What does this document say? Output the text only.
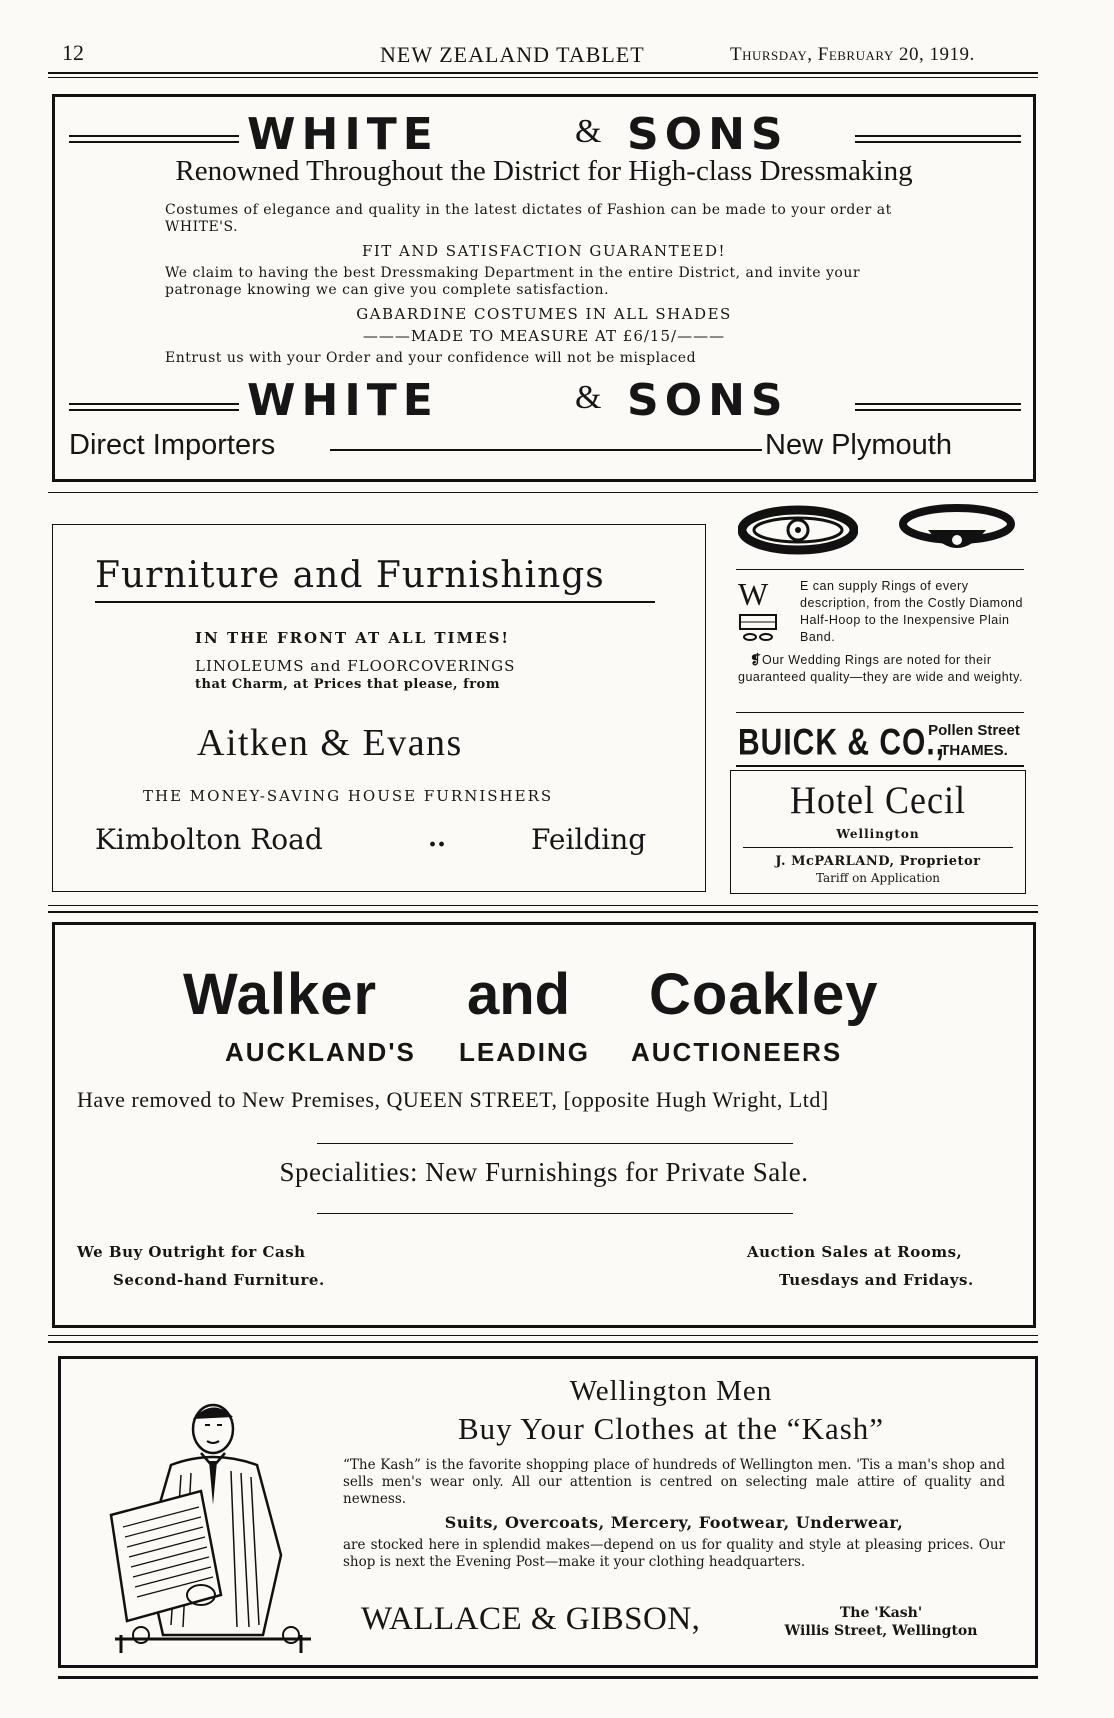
12	NEW ZEALAND TABLET	Thursday, February 20, 1919.
WHITE	& SONS
Renowned Throughout the District for High-class Dressmaking
Costumes of elegance and quality in the latest dictates of Fashion can be made to your order at WHITE'S.
FIT AND SATISFACTION GUARANTEED!
We claim to having the best Dressmaking Department in the entire District, and invite your patronage knowing we can give you complete satisfaction.
GABARDINE COSTUMES IN ALL SHADES
———MADE TO MEASURE AT £6/15/———
Entrust us with your Order and your confidence will not be misplaced
WHITE	& SONS
Direct Importers	New Plymouth
Furniture and Furnishings
IN THE FRONT AT ALL TIMES!
LINOLEUMS and FLOORCOVERINGS
that Charm, at Prices that please, from
Aitken & Evans
THE MONEY-SAVING HOUSE FURNISHERS
Kimbolton Road	..	Feilding
W	E can supply Rings of every description, from the Costly Diamond Half-Hoop to the Inexpensive Plain Band.
Our Wedding Rings are noted for their guaranteed quality—they are wide and weighty.
❡
BUICK & CO.,
Pollen Street
THAMES.
Hotel Cecil
Wellington
J. McPARLAND, Proprietor
Tariff on Application
Walker and Coakley
AUCKLAND'S LEADING AUCTIONEERS
Have removed to New Premises, QUEEN STREET, [opposite Hugh Wright, Ltd]
Specialities: New Furnishings for Private Sale.
We Buy Outright for Cash
Second-hand Furniture.
Auction Sales at Rooms,
Tuesdays and Fridays.
Wellington Men
Buy Your Clothes at the “Kash”
“The Kash” is the favorite shopping place of hundreds of Wellington men. 'Tis a man's shop and sells men's wear only. All our attention is centred on selecting male attire of quality and newness.
Suits, Overcoats, Mercery, Footwear, Underwear,
are stocked here in splendid makes—depend on us for quality and style at pleasing prices. Our shop is next the Evening Post—make it your clothing headquarters.
WALLACE & GIBSON,	The 'Kash'
Willis Street, Wellington
